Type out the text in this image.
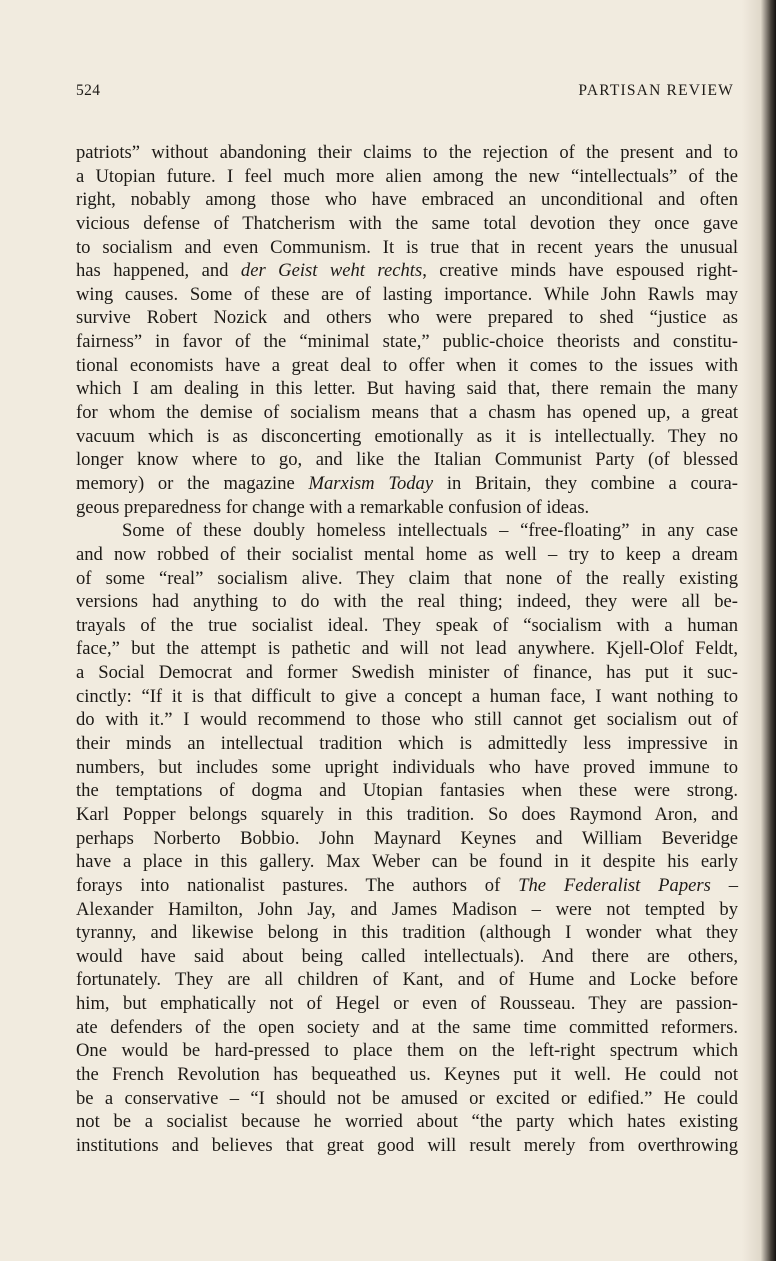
524	PARTISAN REVIEW
patriots” without abandoning their claims to the rejection of the present and to
a Utopian future. I feel much more alien among the new “intellectuals” of the
right, nobably among those who have embraced an unconditional and often
vicious defense of Thatcherism with the same total devotion they once gave
to socialism and even Communism. It is true that in recent years the unusual
has happened, and der Geist weht rechts, creative minds have espoused right-
wing causes. Some of these are of lasting importance. While John Rawls may
survive Robert Nozick and others who were prepared to shed “justice as
fairness” in favor of the “minimal state,” public-choice theorists and constitu-
tional economists have a great deal to offer when it comes to the issues with
which I am dealing in this letter. But having said that, there remain the many
for whom the demise of socialism means that a chasm has opened up, a great
vacuum which is as disconcerting emotionally as it is intellectually. They no
longer know where to go, and like the Italian Communist Party (of blessed
memory) or the magazine Marxism Today in Britain, they combine a coura-
geous preparedness for change with a remarkable confusion of ideas.
Some of these doubly homeless intellectuals – “free-floating” in any case
and now robbed of their socialist mental home as well – try to keep a dream
of some “real” socialism alive. They claim that none of the really existing
versions had anything to do with the real thing; indeed, they were all be-
trayals of the true socialist ideal. They speak of “socialism with a human
face,” but the attempt is pathetic and will not lead anywhere. Kjell-Olof Feldt,
a Social Democrat and former Swedish minister of finance, has put it suc-
cinctly: “If it is that difficult to give a concept a human face, I want nothing to
do with it.” I would recommend to those who still cannot get socialism out of
their minds an intellectual tradition which is admittedly less impressive in
numbers, but includes some upright individuals who have proved immune to
the temptations of dogma and Utopian fantasies when these were strong.
Karl Popper belongs squarely in this tradition. So does Raymond Aron, and
perhaps Norberto Bobbio. John Maynard Keynes and William Beveridge
have a place in this gallery. Max Weber can be found in it despite his early
forays into nationalist pastures. The authors of The Federalist Papers –
Alexander Hamilton, John Jay, and James Madison – were not tempted by
tyranny, and likewise belong in this tradition (although I wonder what they
would have said about being called intellectuals). And there are others,
fortunately. They are all children of Kant, and of Hume and Locke before
him, but emphatically not of Hegel or even of Rousseau. They are passion-
ate defenders of the open society and at the same time committed reformers.
One would be hard-pressed to place them on the left-right spectrum which
the French Revolution has bequeathed us. Keynes put it well. He could not
be a conservative – “I should not be amused or excited or edified.” He could
not be a socialist because he worried about “the party which hates existing
institutions and believes that great good will result merely from overthrowing
